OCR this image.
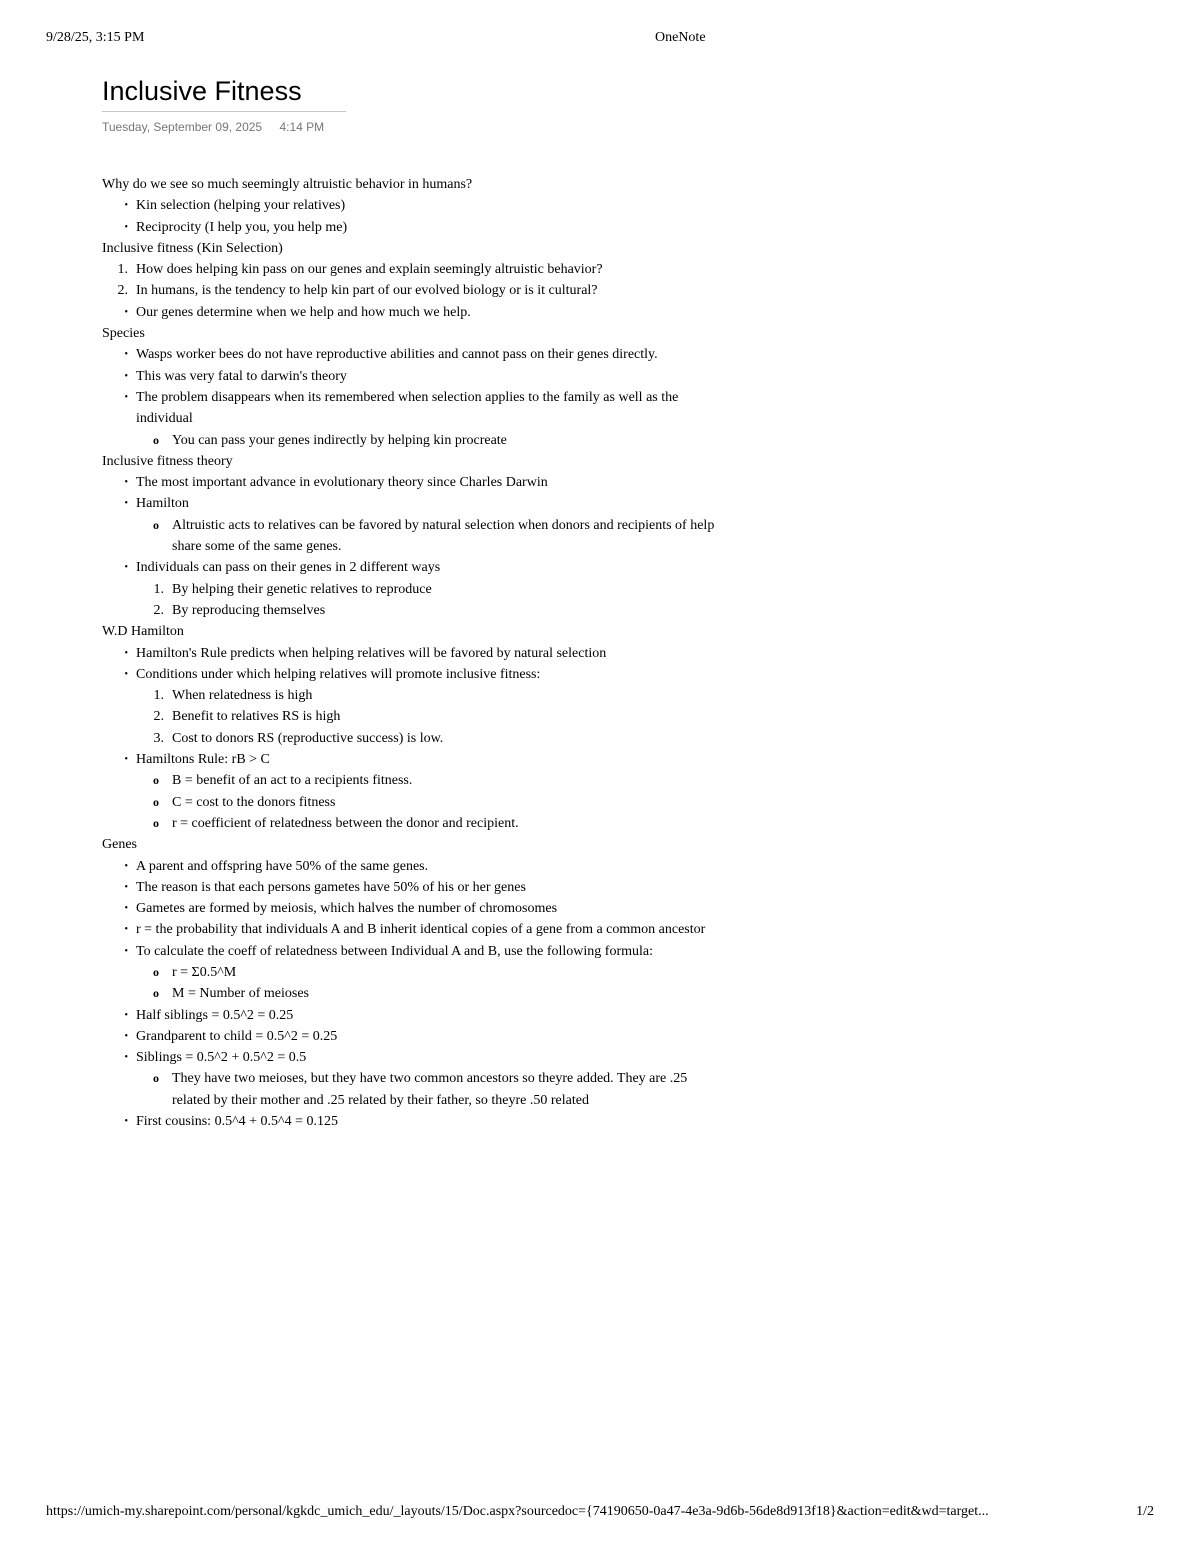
9/28/25, 3:15 PM	OneNote
Inclusive Fitness
Tuesday, September 09, 2025 4:14 PM
Why do we see so much seemingly altruistic behavior in humans?
• Kin selection (helping your relatives)
• Reciprocity (I help you, you help me)
Inclusive fitness (Kin Selection)
1. How does helping kin pass on our genes and explain seemingly altruistic behavior?
2. In humans, is the tendency to help kin part of our evolved biology or is it cultural?
• Our genes determine when we help and how much we help.
Species
• Wasps worker bees do not have reproductive abilities and cannot pass on their genes directly.
• This was very fatal to darwin's theory
• The problem disappears when its remembered when selection applies to the family as well as the individual
o You can pass your genes indirectly by helping kin procreate
Inclusive fitness theory
• The most important advance in evolutionary theory since Charles Darwin
• Hamilton
o Altruistic acts to relatives can be favored by natural selection when donors and recipients of help share some of the same genes.
• Individuals can pass on their genes in 2 different ways
1. By helping their genetic relatives to reproduce
2. By reproducing themselves
W.D Hamilton
• Hamilton's Rule predicts when helping relatives will be favored by natural selection
• Conditions under which helping relatives will promote inclusive fitness:
1. When relatedness is high
2. Benefit to relatives RS is high
3. Cost to donors RS (reproductive success) is low.
• Hamiltons Rule: rB > C
o B = benefit of an act to a recipients fitness.
o C = cost to the donors fitness
o r = coefficient of relatedness between the donor and recipient.
Genes
• A parent and offspring have 50% of the same genes.
• The reason is that each persons gametes have 50% of his or her genes
• Gametes are formed by meiosis, which halves the number of chromosomes
• r = the probability that individuals A and B inherit identical copies of a gene from a common ancestor
• To calculate the coeff of relatedness between Individual A and B, use the following formula:
o r = Σ0.5^M
o M = Number of meioses
• Half siblings = 0.5^2 = 0.25
• Grandparent to child = 0.5^2 = 0.25
• Siblings = 0.5^2 + 0.5^2 = 0.5
o They have two meioses, but they have two common ancestors so theyre added. They are .25 related by their mother and .25 related by their father, so theyre .50 related
• First cousins: 0.5^4 + 0.5^4 = 0.125
https://umich-my.sharepoint.com/personal/kgkdc_umich_edu/_layouts/15/Doc.aspx?sourcedoc={74190650-0a47-4e3a-9d6b-56de8d913f18}&action=edit&wd=target...	1/2
